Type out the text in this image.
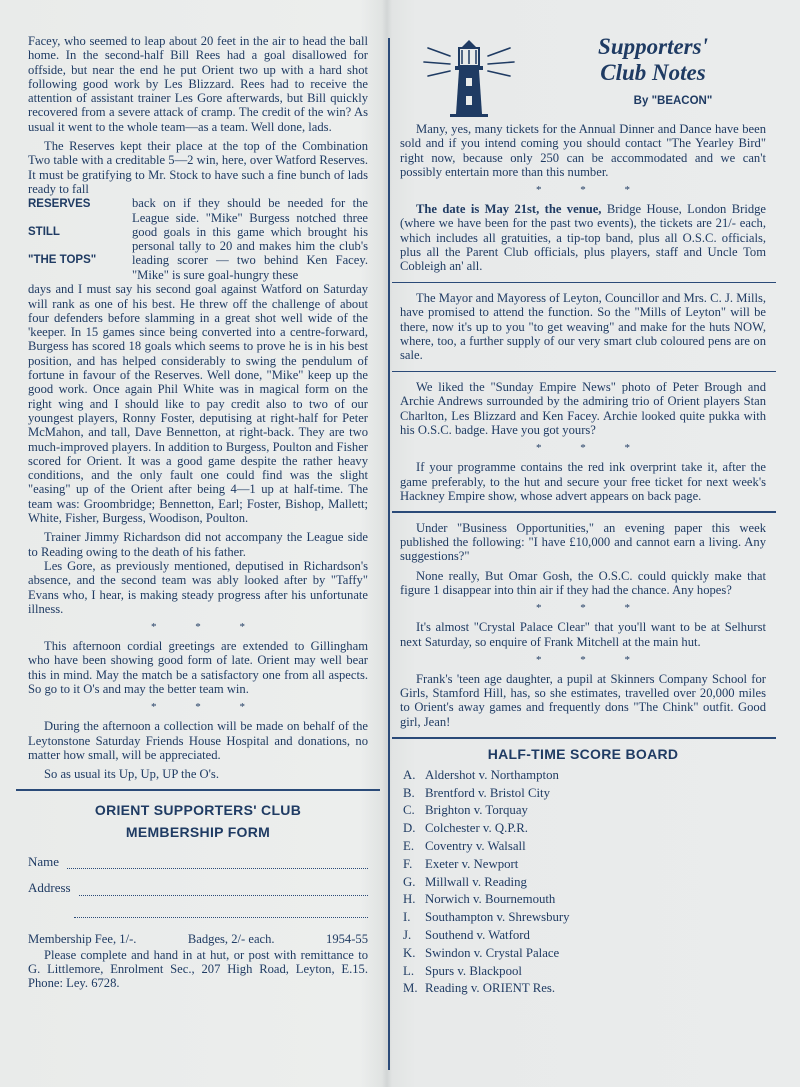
Facey, who seemed to leap about 20 feet in the air to head the ball home. In the second-half Bill Rees had a goal disallowed for offside, but near the end he put Orient two up with a hard shot following good work by Les Blizzard. Rees had to receive the attention of assistant trainer Les Gore afterwards, but Bill quickly recovered from a severe attack of cramp. The credit of the win? As usual it went to the whole team—as a team. Well done, lads.

The Reserves kept their place at the top of the Combination Two table with a creditable 5—2 win, here, over Watford Reserves. It must be gratifying to Mr. Stock to have such a fine bunch of lads ready to fall

RESERVES
STILL
"THE TOPS"

back on if they should be needed for the League side. "Mike" Burgess notched three good goals in this game which brought his personal tally to 20 and makes him the club's leading scorer — two behind Ken Facey. "Mike" is sure goal-hungry these

days and I must say his second goal against Watford on Saturday will rank as one of his best. He threw off the challenge of about four defenders before slamming in a great shot well wide of the 'keeper. In 15 games since being converted into a centre-forward, Burgess has scored 18 goals which seems to prove he is in his best position, and has helped considerably to swing the pendulum of fortune in favour of the Reserves. Well done, "Mike" keep up the good work. Once again Phil White was in magical form on the right wing and I should like to pay credit also to two of our youngest players, Ronny Foster, deputising at right-half for Peter McMahon, and tall, Dave Bennetton, at right-back. They are two much-improved players. In addition to Burgess, Poulton and Fisher scored for Orient. It was a good game despite the rather heavy conditions, and the only fault one could find was the slight "easing" up of the Orient after being 4—1 up at half-time. The team was: Groombridge; Bennetton, Earl; Foster, Bishop, Mallett; White, Fisher, Burgess, Woodison, Poulton.

Trainer Jimmy Richardson did not accompany the League side to Reading owing to the death of his father.

Les Gore, as previously mentioned, deputised in Richardson's absence, and the second team was ably looked after by "Taffy" Evans who, I hear, is making steady progress after his unfortunate illness.

* * *

This afternoon cordial greetings are extended to Gillingham who have been showing good form of late. Orient may well bear this in mind. May the match be a satisfactory one from all aspects. So go to it O's and may the better team win.

* * *

During the afternoon a collection will be made on behalf of the Leytonstone Saturday Friends House Hospital and donations, no matter how small, will be appreciated.

So as usual its Up, Up, UP the O's.

ORIENT SUPPORTERS' CLUB
MEMBERSHIP FORM
Name
Address
Membership Fee, 1/-.	Badges, 2/- each.	1954-55

Please complete and hand in at hut, or post with remittance to G. Littlemore, Enrolment Sec., 207 High Road, Leyton, E.15. Phone: Ley. 6728.

Supporters'
Club Notes
By "BEACON"

Many, yes, many tickets for the Annual Dinner and Dance have been sold and if you intend coming you should contact "The Yearley Bird" right now, because only 250 can be accommodated and we can't possibly entertain more than this number.

* * *

The date is May 21st, the venue, Bridge House, London Bridge (where we have been for the past two events), the tickets are 21/- each, which includes all gratuities, a tip-top band, plus all O.S.C. officials, plus all the Parent Club officials, plus players, staff and Uncle Tom Cobleigh an' all.

The Mayor and Mayoress of Leyton, Councillor and Mrs. C. J. Mills, have promised to attend the function. So the "Mills of Leyton" will be there, now it's up to you "to get weaving" and make for the huts NOW, where, too, a further supply of our very smart club coloured pens are on sale.

We liked the "Sunday Empire News" photo of Peter Brough and Archie Andrews surrounded by the admiring trio of Orient players Stan Charlton, Les Blizzard and Ken Facey. Archie looked quite pukka with his O.S.C. badge. Have you got yours?

* * *

If your programme contains the red ink overprint take it, after the game preferably, to the hut and secure your free ticket for next week's Hackney Empire show, whose advert appears on back page.

Under "Business Opportunities," an evening paper this week published the following: "I have £10,000 and cannot earn a living. Any suggestions?"

None really, But Omar Gosh, the O.S.C. could quickly make that figure 1 disappear into thin air if they had the chance. Any hopes?

* * *

It's almost "Crystal Palace Clear" that you'll want to be at Selhurst next Saturday, so enquire of Frank Mitchell at the main hut.

* * *

Frank's 'teen age daughter, a pupil at Skinners Company School for Girls, Stamford Hill, has, so she estimates, travelled over 20,000 miles to Orient's away games and frequently dons "The Chink" outfit. Good girl, Jean!

HALF-TIME SCORE BOARD
A. Aldershot v. Northampton
B. Brentford v. Bristol City
C. Brighton v. Torquay
D. Colchester v. Q.P.R.
E. Coventry v. Walsall
F. Exeter v. Newport
G. Millwall v. Reading
H. Norwich v. Bournemouth
I.	Southampton v. Shrewsbury
J.	Southend v. Watford
K. Swindon v. Crystal Palace
L. Spurs v. Blackpool
M. Reading v. ORIENT Res.
